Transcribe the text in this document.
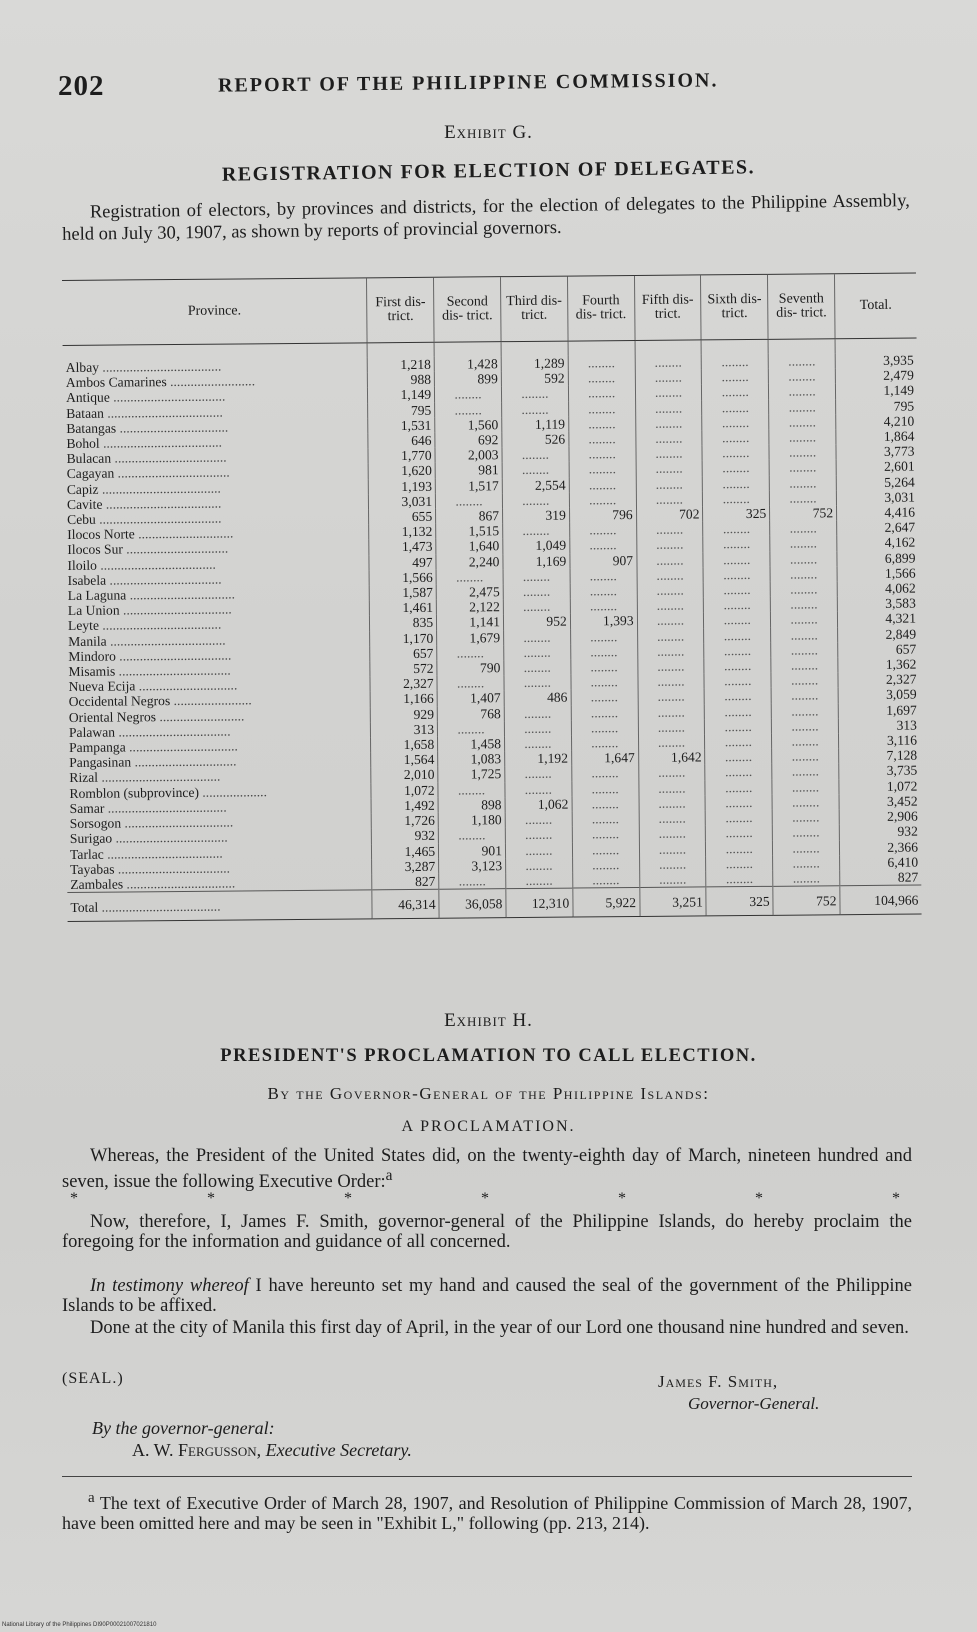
202	REPORT OF THE PHILIPPINE COMMISSION.
Exhibit G.
REGISTRATION FOR ELECTION OF DELEGATES.
Registration of electors, by provinces and districts, for the election of delegates to the Philippine Assembly, held on July 30, 1907, as shown by reports of provincial governors.
Province.	First dis- trict.	Second dis- trict.	Third dis- trict.	Fourth dis- trict.	Fifth dis- trict.	Sixth dis- trict.	Seventh dis- trict.	Total.

Albay ...................................	1,218	1,428	1,289	........	........	........	........	3,935
Ambos Camarines .........................	988	899	592	........	........	........	........	2,479
Antique .................................	1,149	........	........	........	........	........	........	1,149
Bataan ..................................	795	........	........	........	........	........	........	795
Batangas ................................	1,531	1,560	1,119	........	........	........	........	4,210
Bohol ...................................	646	692	526	........	........	........	........	1,864
Bulacan .................................	1,770	2,003	........	........	........	........	........	3,773
Cagayan .................................	1,620	981	........	........	........	........	........	2,601
Capiz ...................................	1,193	1,517	2,554	........	........	........	........	5,264
Cavite ..................................	3,031	........	........	........	........	........	........	3,031
Cebu ....................................	655	867	319	796	702	325	752	4,416
Ilocos Norte ............................	1,132	1,515	........	........	........	........	........	2,647
Ilocos Sur ..............................	1,473	1,640	1,049	........	........	........	........	4,162
Iloilo ..................................	497	2,240	1,169	907	........	........	........	6,899
Isabela .................................	1,566	........	........	........	........	........	........	1,566
La Laguna ...............................	1,587	2,475	........	........	........	........	........	4,062
La Union ................................	1,461	2,122	........	........	........	........	........	3,583
Leyte ...................................	835	1,141	952	1,393	........	........	........	4,321
Manila ..................................	1,170	1,679	........	........	........	........	........	2,849
Mindoro .................................	657	........	........	........	........	........	........	657
Misamis .................................	572	790	........	........	........	........	........	1,362
Nueva Ecija .............................	2,327	........	........	........	........	........	........	2,327
Occidental Negros .......................	1,166	1,407	486	........	........	........	........	3,059
Oriental Negros .........................	929	768	........	........	........	........	........	1,697
Palawan .................................	313	........	........	........	........	........	........	313
Pampanga ................................	1,658	1,458	........	........	........	........	........	3,116
Pangasinan ..............................	1,564	1,083	1,192	1,647	1,642	........	........	7,128
Rizal ...................................	2,010	1,725	........	........	........	........	........	3,735
Romblon (subprovince) ...................	1,072	........	........	........	........	........	........	1,072
Samar ...................................	1,492	898	1,062	........	........	........	........	3,452
Sorsogon ................................	1,726	1,180	........	........	........	........	........	2,906
Surigao .................................	932	........	........	........	........	........	........	932
Tarlac ..................................	1,465	901	........	........	........	........	........	2,366
Tayabas .................................	3,287	3,123	........	........	........	........	........	6,410
Zambales ................................	827	........	........	........	........	........	........	827
Total ...................................	46,314	36,058	12,310	5,922	3,251	325	752	104,966
Exhibit H.
PRESIDENT'S PROCLAMATION TO CALL ELECTION.
By the Governor-General of the Philippine Islands:
A PROCLAMATION.
Whereas, the President of the United States did, on the twenty-eighth day of March, nineteen hundred and seven, issue the following Executive Order:$^a$
*	*	*	*	*	*	*
Now, therefore, I, James F. Smith, governor-general of the Philippine Islands, do hereby proclaim the foregoing for the information and guidance of all concerned.
In testimony whereof I have hereunto set my hand and caused the seal of the government of the Philippine Islands to be affixed.
Done at the city of Manila this first day of April, in the year of our Lord one thousand nine hundred and seven.
(SEAL.)	James F. Smith,
Governor-General.
By the governor-general:
A. W. Fergusson, Executive Secretary.
$^a$ The text of Executive Order of March 28, 1907, and Resolution of Philippine Commission of March 28, 1907, have been omitted here and may be seen in "Exhibit L," following (pp. 213, 214).
National Library of the Philippines DI90P00021007021810
